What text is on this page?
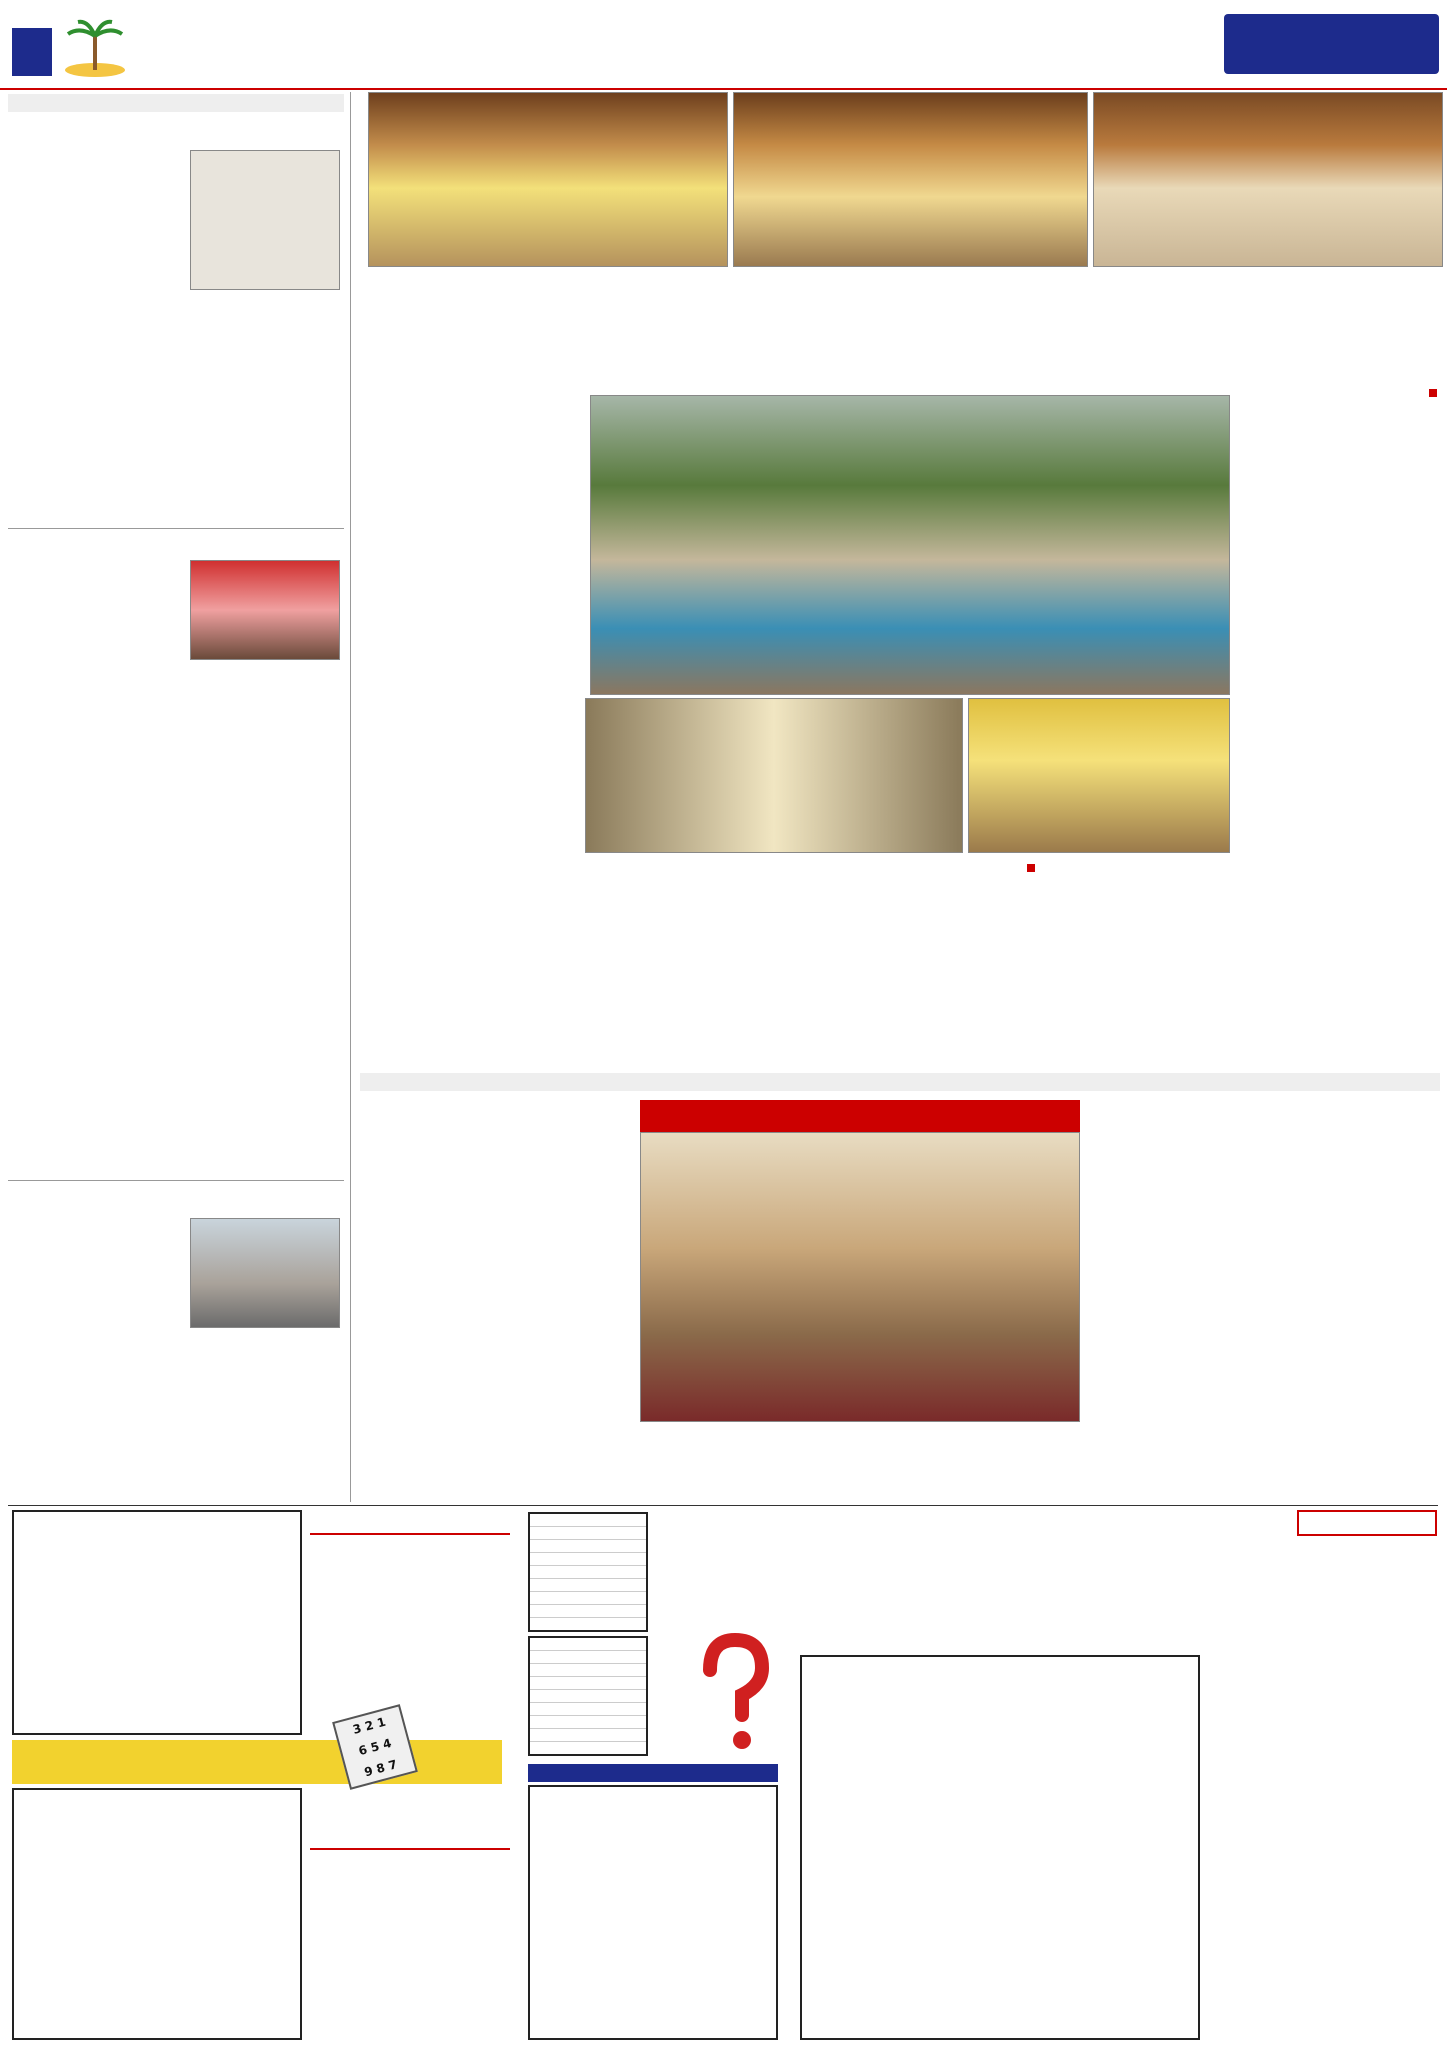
1 2 3
4 5 6
7 8 9
